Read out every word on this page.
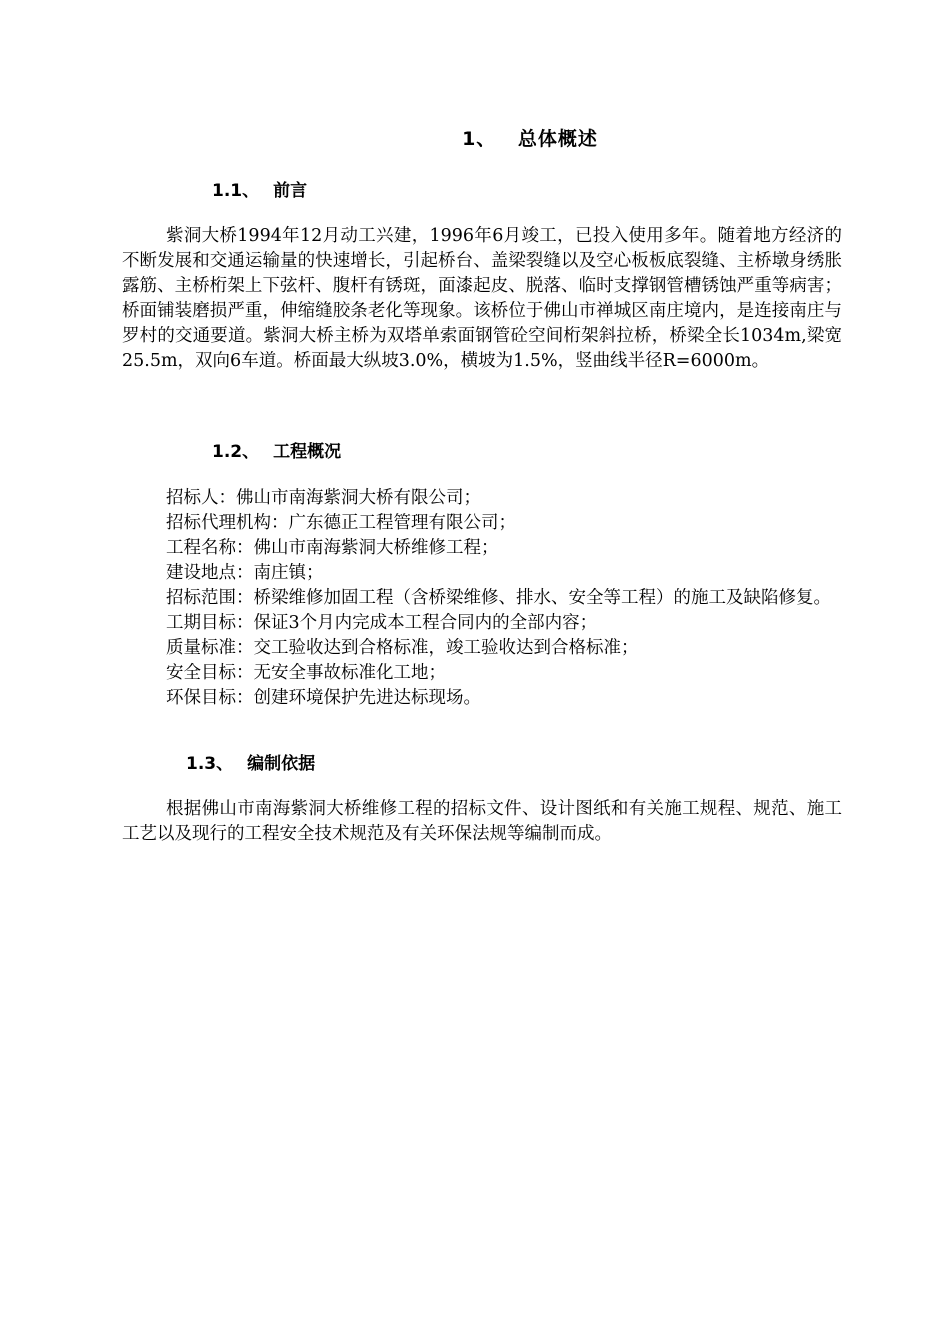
1、 总体概述
1.1、 前言

紫洞大桥1994年12月动工兴建，1996年6月竣工，已投入使用多年。随着地方经济的不断发展和交通运输量的快速增长，引起桥台、盖梁裂缝以及空心板板底裂缝、主桥墩身绣胀露筋、主桥桁架上下弦杆、腹杆有锈斑，面漆起皮、脱落、临时支撑钢管槽锈蚀严重等病害；桥面铺装磨损严重，伸缩缝胶条老化等现象。该桥位于佛山市禅城区南庄境内，是连接南庄与罗村的交通要道。紫洞大桥主桥为双塔单索面钢管砼空间桁架斜拉桥，桥梁全长1034m,梁宽25.5m，双向6车道。桥面最大纵坡3.0%，横坡为1.5%，竖曲线半径R=6000m。

1.2、 工程概况
招标人：佛山市南海紫洞大桥有限公司；
招标代理机构：广东德正工程管理有限公司；
工程名称：佛山市南海紫洞大桥维修工程；
建设地点：南庄镇；
招标范围：桥梁维修加固工程（含桥梁维修、排水、安全等工程）的施工及缺陷修复。
工期目标：保证3个月内完成本工程合同内的全部内容；
质量标准：交工验收达到合格标准，竣工验收达到合格标准；
安全目标：无安全事故标准化工地；
环保目标：创建环境保护先进达标现场。
1.3、 编制依据

根据佛山市南海紫洞大桥维修工程的招标文件、设计图纸和有关施工规程、规范、施工工艺以及现行的工程安全技术规范及有关环保法规等编制而成。
